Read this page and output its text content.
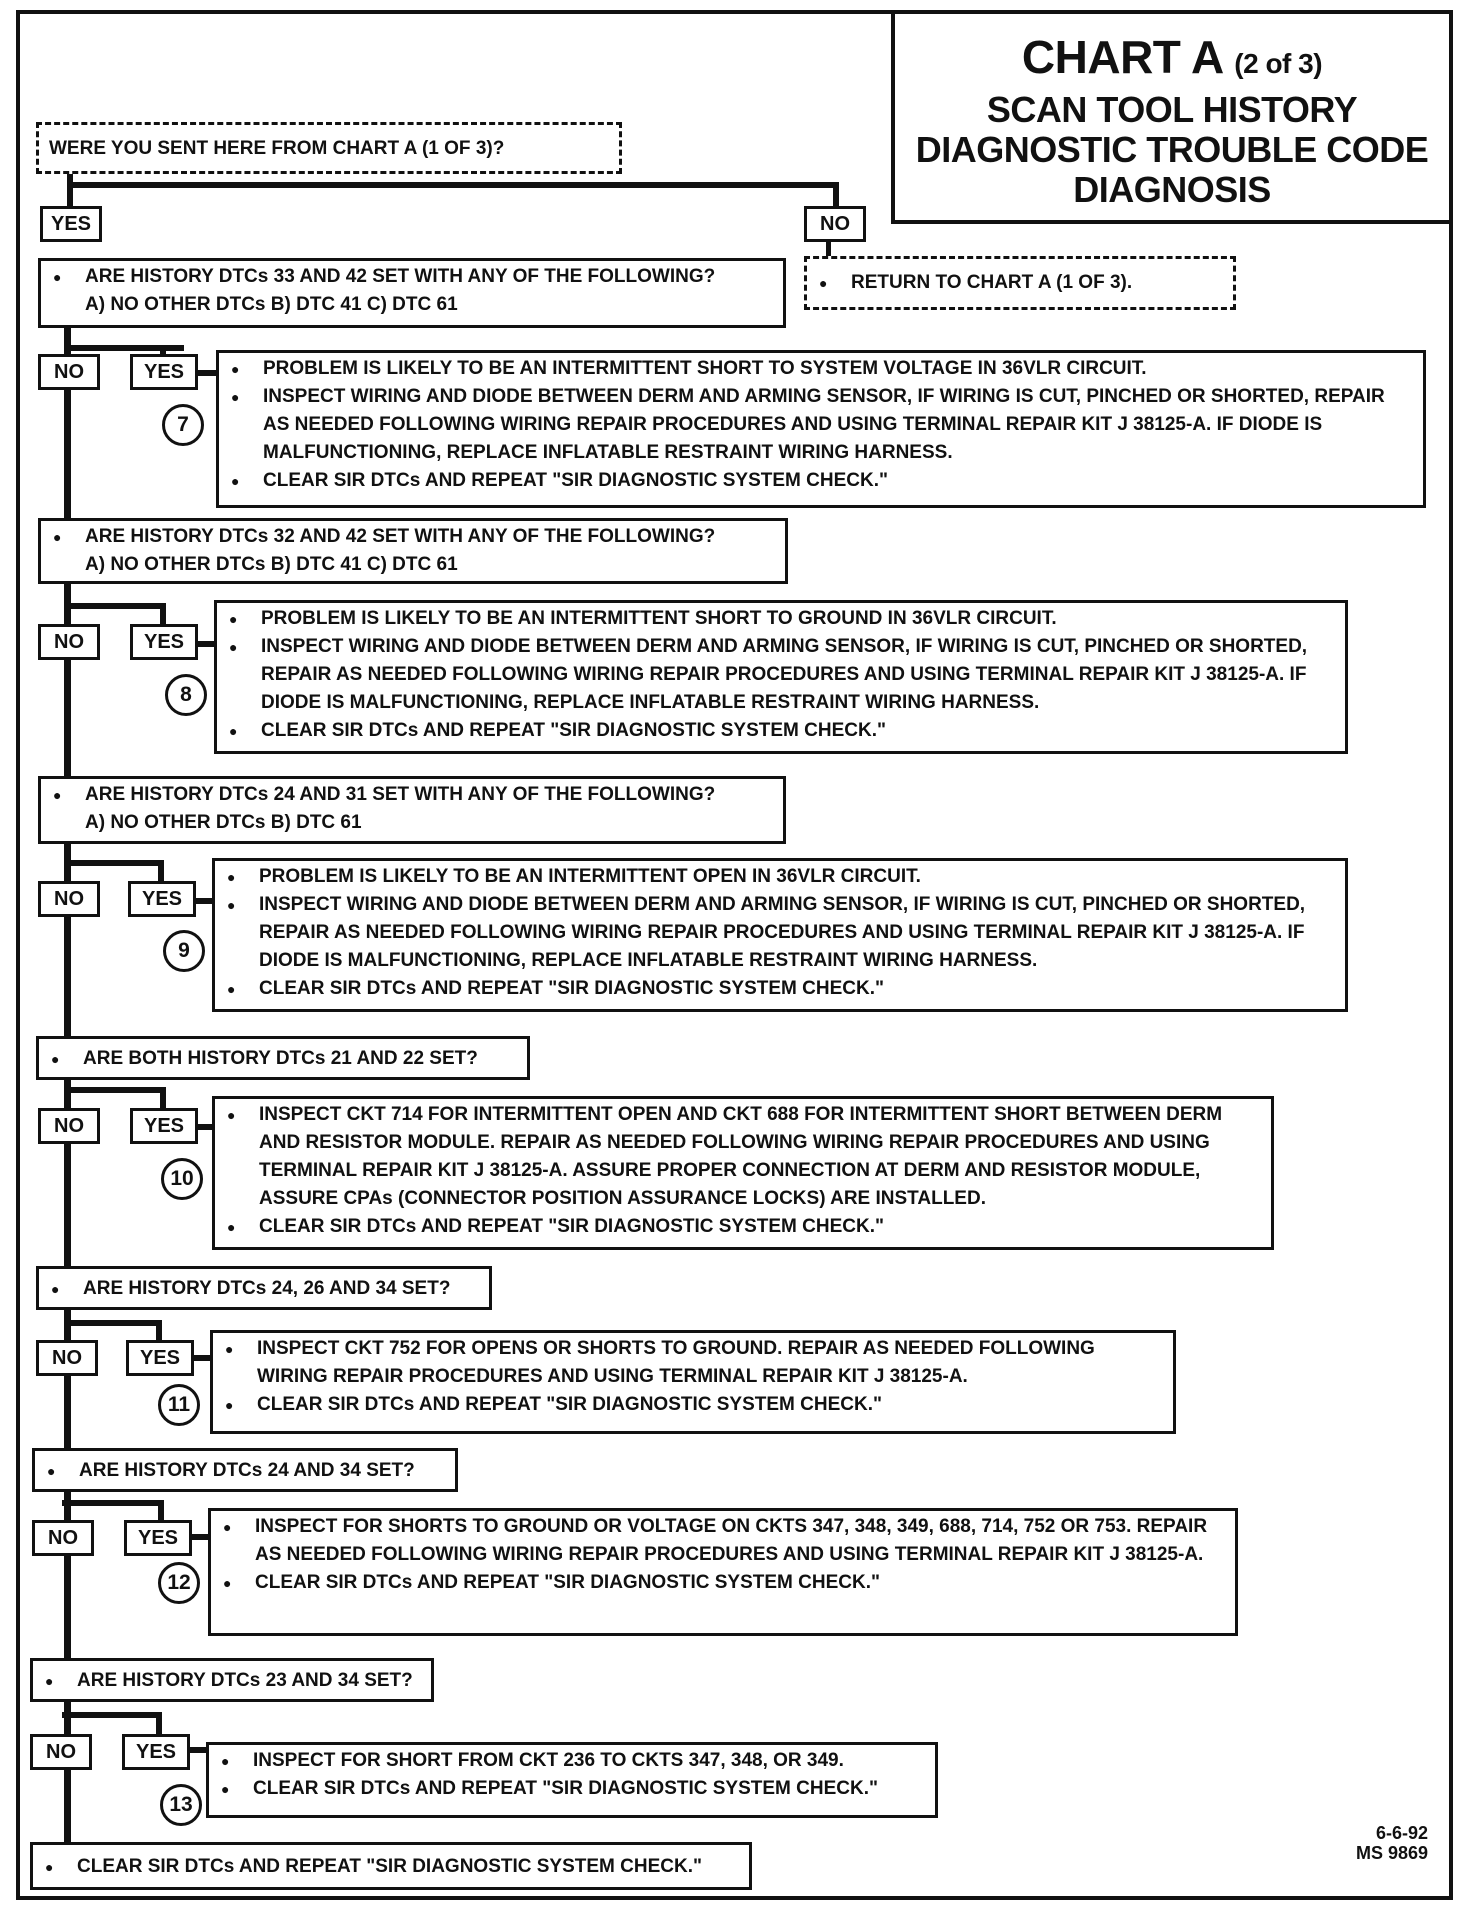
CHART A (2 of 3)
SCAN TOOL HISTORY
DIAGNOSTIC TROUBLE CODE
DIAGNOSIS
WERE YOU SENT HERE FROM CHART A (1 OF 3)?
YES	NO
● RETURN TO CHART A (1 OF 3).
● ARE HISTORY DTCs 33 AND 42 SET WITH ANY OF THE FOLLOWING?
A) NO OTHER DTCs B) DTC 41 C) DTC 61
NO	YES
7
● PROBLEM IS LIKELY TO BE AN INTERMITTENT SHORT TO SYSTEM VOLTAGE IN 36VLR CIRCUIT.
● INSPECT WIRING AND DIODE BETWEEN DERM AND ARMING SENSOR, IF WIRING IS CUT, PINCHED OR SHORTED, REPAIR AS NEEDED FOLLOWING WIRING REPAIR PROCEDURES AND USING TERMINAL REPAIR KIT J 38125-A. IF DIODE IS MALFUNCTIONING, REPLACE INFLATABLE RESTRAINT WIRING HARNESS.
● CLEAR SIR DTCs AND REPEAT "SIR DIAGNOSTIC SYSTEM CHECK."
● ARE HISTORY DTCs 32 AND 42 SET WITH ANY OF THE FOLLOWING?
A) NO OTHER DTCs B) DTC 41 C) DTC 61
NO	YES
8
● PROBLEM IS LIKELY TO BE AN INTERMITTENT SHORT TO GROUND IN 36VLR CIRCUIT.
● INSPECT WIRING AND DIODE BETWEEN DERM AND ARMING SENSOR, IF WIRING IS CUT, PINCHED OR SHORTED, REPAIR AS NEEDED FOLLOWING WIRING REPAIR PROCEDURES AND USING TERMINAL REPAIR KIT J 38125-A. IF DIODE IS MALFUNCTIONING, REPLACE INFLATABLE RESTRAINT WIRING HARNESS.
● CLEAR SIR DTCs AND REPEAT "SIR DIAGNOSTIC SYSTEM CHECK."
● ARE HISTORY DTCs 24 AND 31 SET WITH ANY OF THE FOLLOWING?
A) NO OTHER DTCs B) DTC 61
NO	YES
9
● PROBLEM IS LIKELY TO BE AN INTERMITTENT OPEN IN 36VLR CIRCUIT.
● INSPECT WIRING AND DIODE BETWEEN DERM AND ARMING SENSOR, IF WIRING IS CUT, PINCHED OR SHORTED, REPAIR AS NEEDED FOLLOWING WIRING REPAIR PROCEDURES AND USING TERMINAL REPAIR KIT J 38125-A. IF DIODE IS MALFUNCTIONING, REPLACE INFLATABLE RESTRAINT WIRING HARNESS.
● CLEAR SIR DTCs AND REPEAT "SIR DIAGNOSTIC SYSTEM CHECK."
● ARE BOTH HISTORY DTCs 21 AND 22 SET?
NO	YES
10
● INSPECT CKT 714 FOR INTERMITTENT OPEN AND CKT 688 FOR INTERMITTENT SHORT BETWEEN DERM AND RESISTOR MODULE. REPAIR AS NEEDED FOLLOWING WIRING REPAIR PROCEDURES AND USING TERMINAL REPAIR KIT J 38125-A. ASSURE PROPER CONNECTION AT DERM AND RESISTOR MODULE, ASSURE CPAs (CONNECTOR POSITION ASSURANCE LOCKS) ARE INSTALLED.
● CLEAR SIR DTCs AND REPEAT "SIR DIAGNOSTIC SYSTEM CHECK."
● ARE HISTORY DTCs 24, 26 AND 34 SET?
NO	YES
11
● INSPECT CKT 752 FOR OPENS OR SHORTS TO GROUND. REPAIR AS NEEDED FOLLOWING WIRING REPAIR PROCEDURES AND USING TERMINAL REPAIR KIT J 38125-A.
● CLEAR SIR DTCs AND REPEAT "SIR DIAGNOSTIC SYSTEM CHECK."
● ARE HISTORY DTCs 24 AND 34 SET?
NO	YES
12
● INSPECT FOR SHORTS TO GROUND OR VOLTAGE ON CKTS 347, 348, 349, 688, 714, 752 OR 753. REPAIR AS NEEDED FOLLOWING WIRING REPAIR PROCEDURES AND USING TERMINAL REPAIR KIT J 38125-A.
● CLEAR SIR DTCs AND REPEAT "SIR DIAGNOSTIC SYSTEM CHECK."
● ARE HISTORY DTCs 23 AND 34 SET?
NO	YES
13
● INSPECT FOR SHORT FROM CKT 236 TO CKTS 347, 348, OR 349.
● CLEAR SIR DTCs AND REPEAT "SIR DIAGNOSTIC SYSTEM CHECK."
● CLEAR SIR DTCs AND REPEAT "SIR DIAGNOSTIC SYSTEM CHECK."
6-6-92
MS 9869
